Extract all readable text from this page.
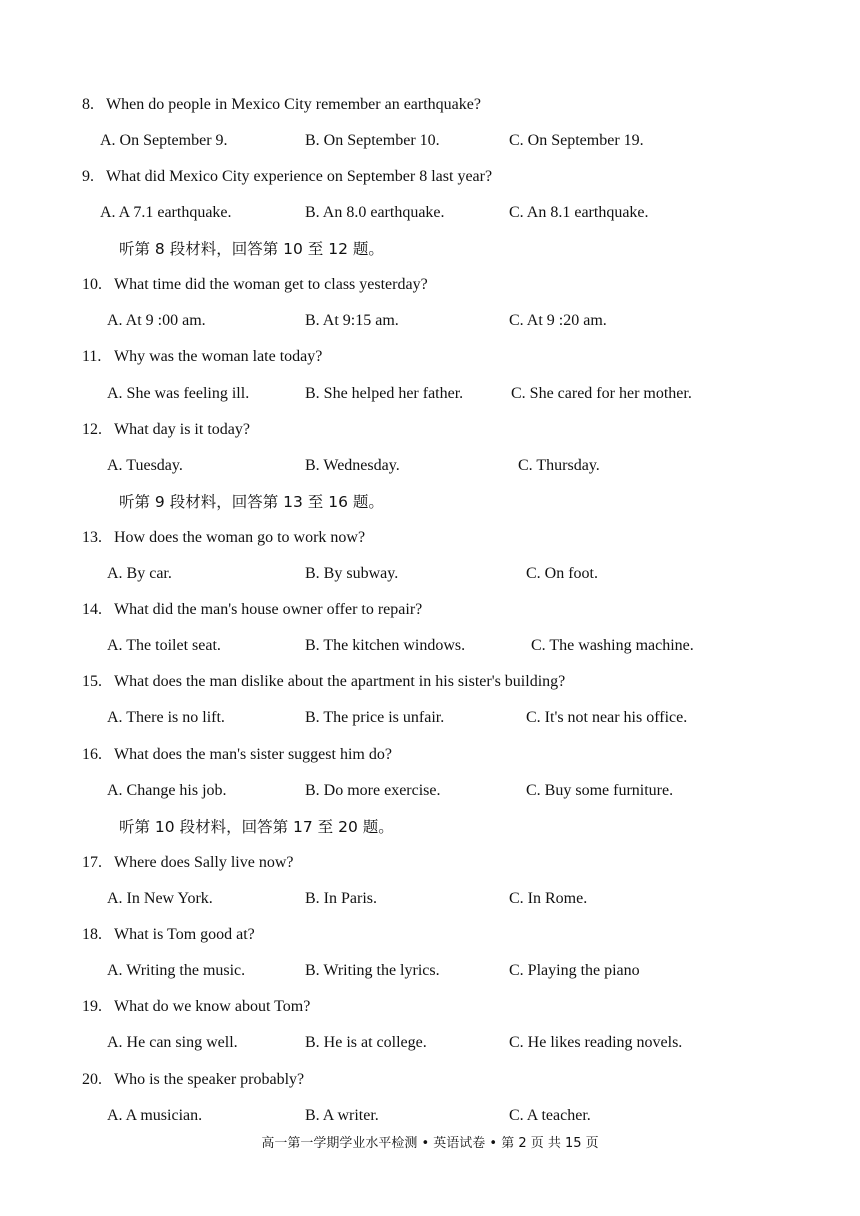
8. When do people in Mexico City remember an earthquake?
A. On September 9.	B. On September 10.	C. On September 19.
9. What did Mexico City experience on September 8 last year?
A. A 7.1 earthquake.	B. An 8.0 earthquake.	C. An 8.1 earthquake.
听第 8 段材料，回答第 10 至 12 题。
10. What time did the woman get to class yesterday?
A. At 9 :00 am.	B. At 9:15 am.	C. At 9 :20 am.
11. Why was the woman late today?
A. She was feeling ill.	B. She helped her father.	C. She cared for her mother.
12. What day is it today?
A. Tuesday.	B. Wednesday.	C. Thursday.
听第 9 段材料，回答第 13 至 16 题。
13. How does the woman go to work now?
A. By car.	B. By subway.	C. On foot.
14. What did the man's house owner offer to repair?
A. The toilet seat.	B. The kitchen windows.	C. The washing machine.
15. What does the man dislike about the apartment in his sister's building?
A. There is no lift.	B. The price is unfair.	C. It's not near his office.
16. What does the man's sister suggest him do?
A. Change his job.	B. Do more exercise.	C. Buy some furniture.
听第 10 段材料，回答第 17 至 20 题。
17. Where does Sally live now?
A. In New York.	B. In Paris.	C. In Rome.
18. What is Tom good at?
A. Writing the music.	B. Writing the lyrics.	C. Playing the piano
19. What do we know about Tom?
A. He can sing well.	B. He is at college.	C. He likes reading novels.
20. Who is the speaker probably?
A. A musician.	B. A writer.	C. A teacher.
高一第一学期学业水平检测 • 英语试卷 • 第 2 页 共 15 页
